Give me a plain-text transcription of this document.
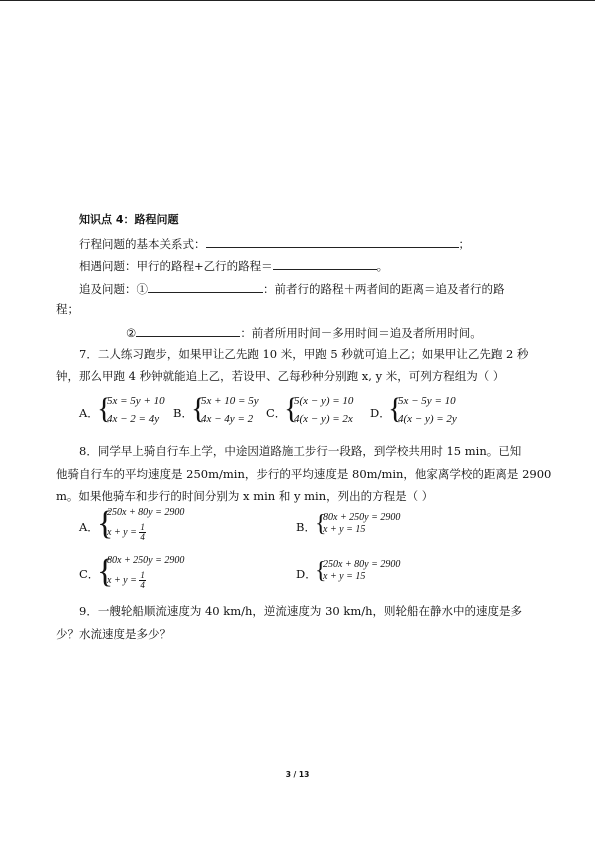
知识点 4：路程问题
行程问题的基本关系式：	；
相遇问题：甲行的路程+乙行的路程＝	。
追及问题：①	：前者行的路程＋两者间的距离＝追及者行的路
程；
②	：前者所用时间－多用时间＝追及者所用时间。
7．二人练习跑步，如果甲让乙先跑 10 米，甲跑 5 秒就可追上乙；如果甲让乙先跑 2 秒
钟，那么甲跑 4 秒钟就能追上乙，若设甲、乙每秒种分别跑 x, y 米，可列方程组为（ ）
A．
{
5x = 5y + 10
4x − 2 = 4y B．
{
5x + 10 = 5y
4x − 4y = 2 C．
{
5(x − y) = 10
4(x − y) = 2x D．
{
5x − 5y = 10
4(x − y) = 2y
8．同学早上骑自行车上学，中途因道路施工步行一段路，到学校共用时 15 min。已知
他骑自行车的平均速度是 250m/min，步行的平均速度是 80m/min，他家离学校的距离是 2900
m。如果他骑车和步行的时间分别为 x min 和 y min，列出的方程是（ ）
A．
{
250x + 80y = 2900
$x + y = \frac{1}{4}$	B． {
80x + 250y = 2900
x + y = 15
C．
{
80x + 250y = 2900
$x + y = \frac{1}{4}$	D．
{
250x + 80y = 2900
x + y = 15
9．一艘轮船顺流速度为 40 km/h，逆流速度为 30 km/h，则轮船在静水中的速度是多
少？水流速度是多少？
3 / 13
